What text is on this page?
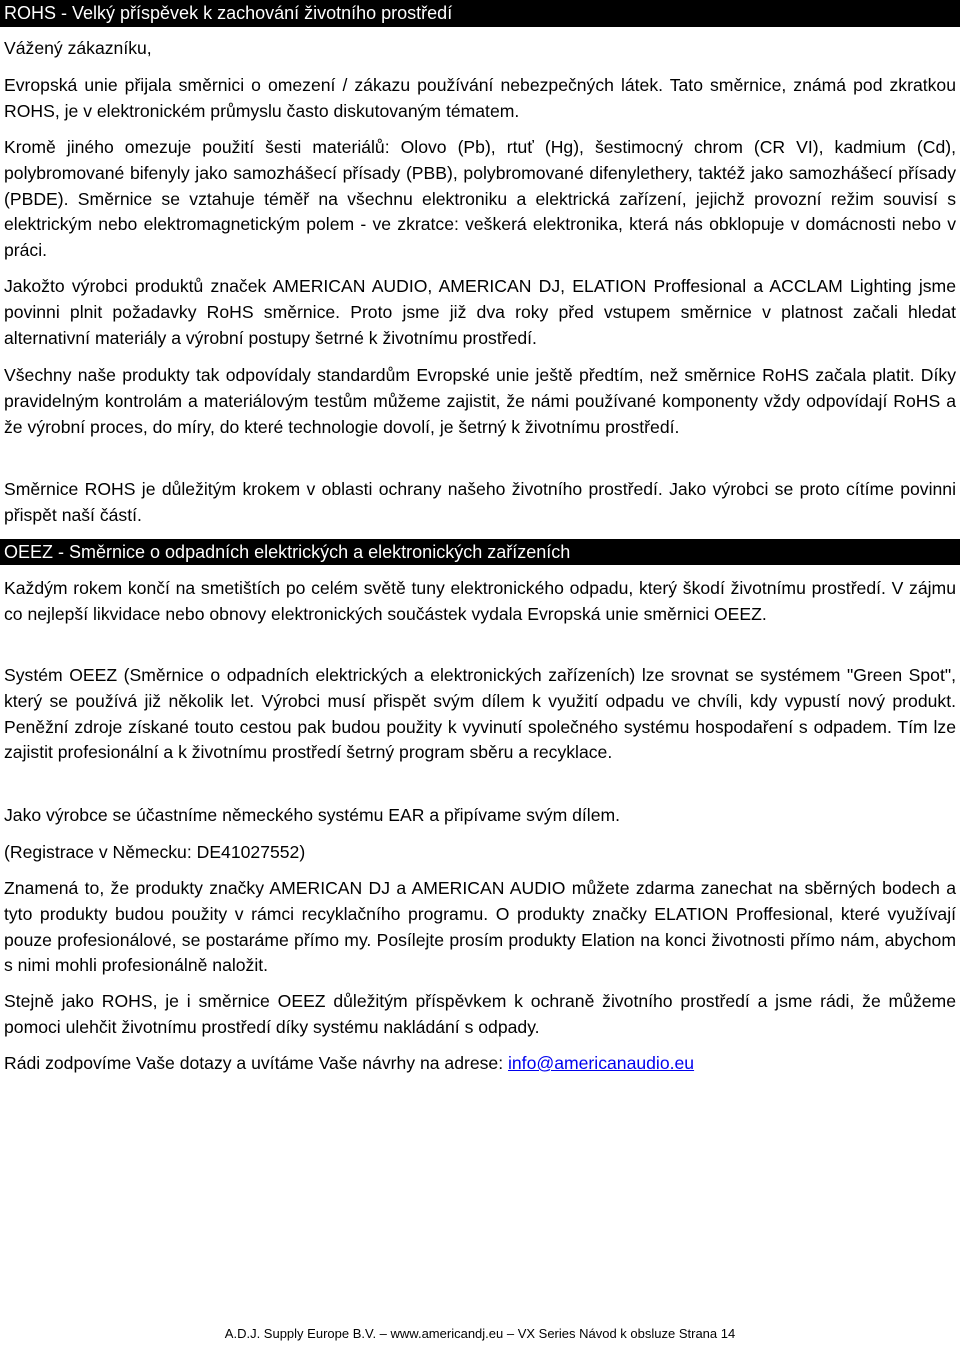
ROHS - Velký příspěvek k zachování životního prostředí

Vážený zákazníku,

Evropská unie přijala směrnici o omezení / zákazu používání nebezpečných látek. Tato směrnice, známá pod zkratkou ROHS, je v elektronickém průmyslu často diskutovaným tématem.

Kromě jiného omezuje použití šesti materiálů: Olovo (Pb), rtuť (Hg), šestimocný chrom (CR VI), kadmium (Cd), polybromované bifenyly jako samozhášecí přísady (PBB), polybromované difenylethery, taktéž jako samozhášecí přísady (PBDE). Směrnice se vztahuje téměř na všechnu elektroniku a elektrická zařízení, jejichž provozní režim souvisí s elektrickým nebo elektromagnetickým polem - ve zkratce: veškerá elektronika, která nás obklopuje v domácnosti nebo v práci.

Jakožto výrobci produktů značek AMERICAN AUDIO, AMERICAN DJ, ELATION Proffesional a ACCLAM Lighting jsme povinni plnit požadavky RoHS směrnice. Proto jsme již dva roky před vstupem směrnice v platnost začali hledat alternativní materiály a výrobní postupy šetrné k životnímu prostředí.

Všechny naše produkty tak odpovídaly standardům Evropské unie ještě předtím, než směrnice RoHS začala platit. Díky pravidelným kontrolám a materiálovým testům můžeme zajistit, že námi používané komponenty vždy odpovídají RoHS a že výrobní proces, do míry, do které technologie dovolí, je šetrný k životnímu prostředí.

Směrnice ROHS je důležitým krokem v oblasti ochrany našeho životního prostředí. Jako výrobci se proto cítíme povinni přispět naší částí.

OEEZ - Směrnice o odpadních elektrických a elektronických zařízeních

Každým rokem končí na smetištích po celém světě tuny elektronického odpadu, který škodí životnímu prostředí. V zájmu co nejlepší likvidace nebo obnovy elektronických součástek vydala Evropská unie směrnici OEEZ.

Systém OEEZ (Směrnice o odpadních elektrických a elektronických zařízeních) lze srovnat se systémem "Green Spot", který se používá již několik let. Výrobci musí přispět svým dílem k využití odpadu ve chvíli, kdy vypustí nový produkt. Peněžní zdroje získané touto cestou pak budou použity k vyvinutí společného systému hospodaření s odpadem. Tím lze zajistit profesionální a k životnímu prostředí šetrný program sběru a recyklace.

Jako výrobce se účastníme německého systému EAR a připívame svým dílem.

(Registrace v Německu: DE41027552)

Znamená to, že produkty značky AMERICAN DJ a AMERICAN AUDIO můžete zdarma zanechat na sběrných bodech a tyto produkty budou použity v rámci recyklačního programu. O produkty značky ELATION Proffesional, které využívají pouze profesionálové, se postaráme přímo my. Posílejte prosím produkty Elation na konci životnosti přímo nám, abychom s nimi mohli profesionálně naložit.

Stejně jako ROHS, je i směrnice OEEZ důležitým příspěvkem k ochraně životního prostředí a jsme rádi, že můžeme pomoci ulehčit životnímu prostředí díky systému nakládání s odpady.

Rádi zodpovíme Vaše dotazy a uvítáme Vaše návrhy na adrese: info@americanaudio.eu

A.D.J. Supply Europe B.V. – www.americandj.eu – VX Series Návod k obsluze Strana 14
